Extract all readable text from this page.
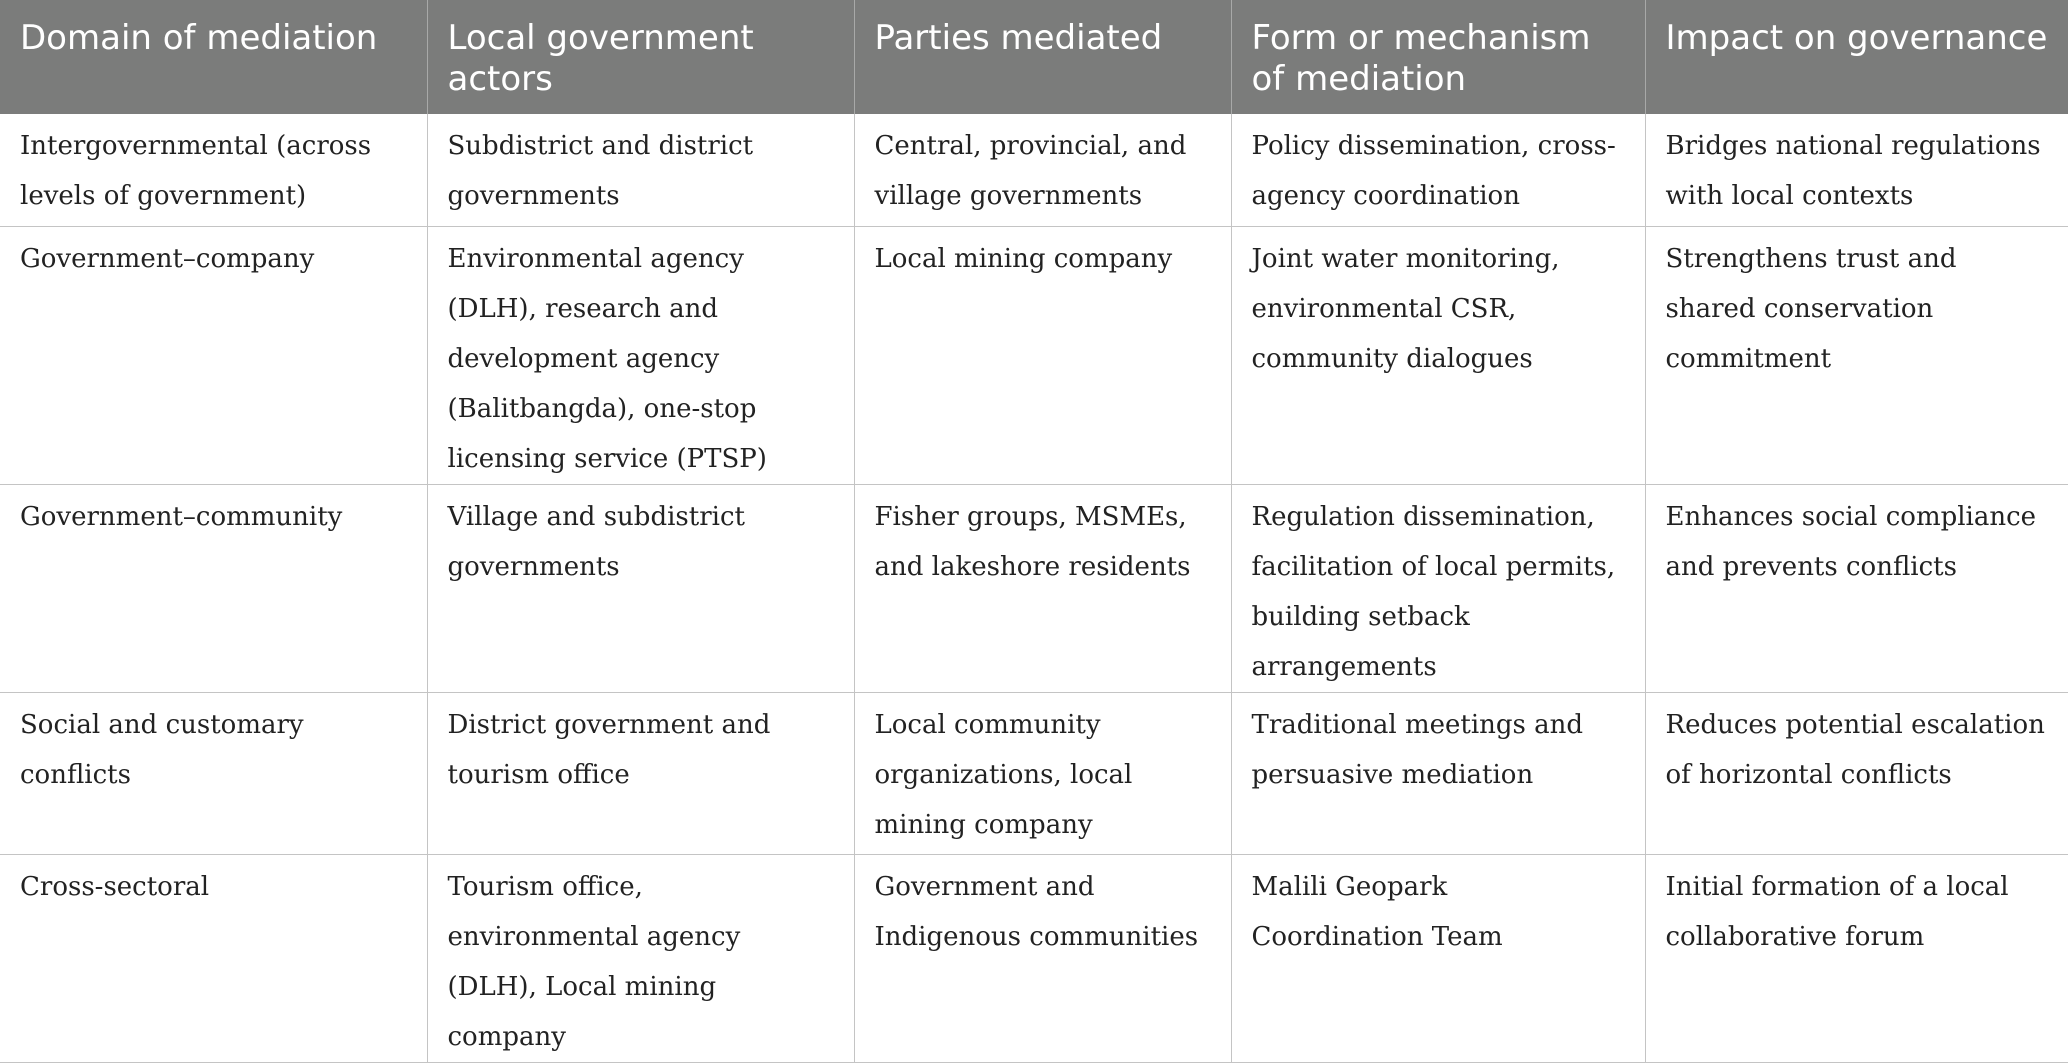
Domain of mediation	Local government actors	Parties mediated	Form or mechanism of mediation	Impact on governance
Intergovernmental (across levels of government)	Subdistrict and district governments	Central, provincial, and village governments	Policy dissemination, cross-agency coordination	Bridges national regulations with local contexts
Government–company	Environmental agency (DLH), research and development agency (Balitbangda), one-stop licensing service (PTSP)	Local mining company	Joint water monitoring, environmental CSR, community dialogues	Strengthens trust and shared conservation commitment
Government–community	Village and subdistrict governments	Fisher groups, MSMEs, and lakeshore residents	Regulation dissemination, facilitation of local permits, building setback arrangements	Enhances social compliance and prevents conflicts
Social and customary conflicts	District government and tourism office	Local community organizations, local mining company	Traditional meetings and persuasive mediation	Reduces potential escalation of horizontal conflicts
Cross-sectoral	Tourism office, environmental agency (DLH), Local mining company	Government and Indigenous communities	Malili Geopark Coordination Team	Initial formation of a local collaborative forum
